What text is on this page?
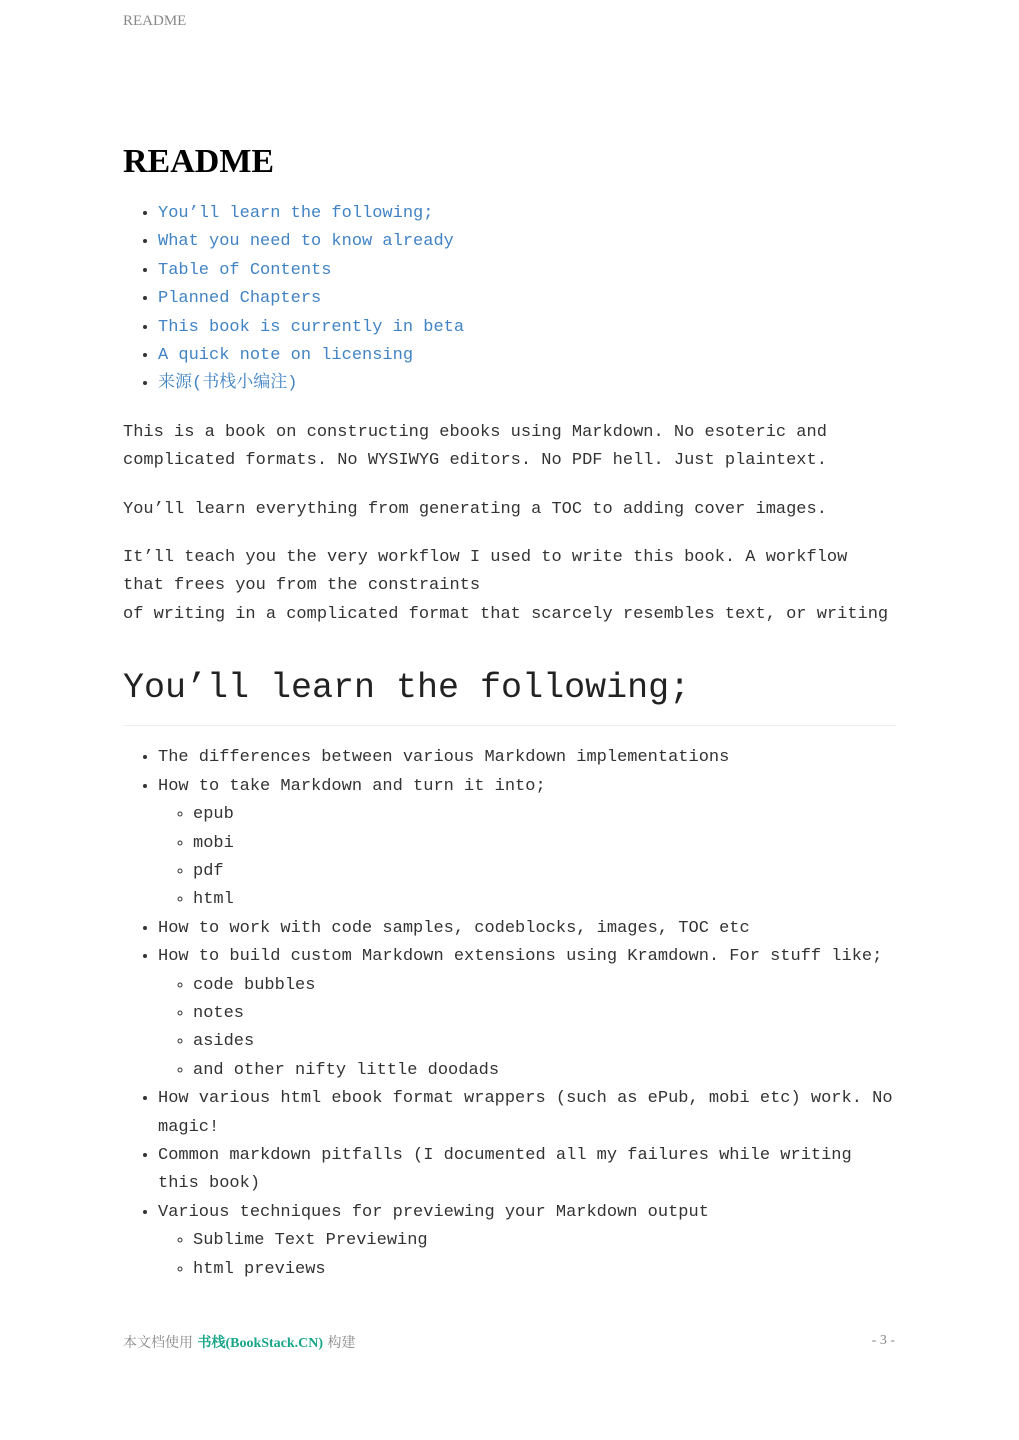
README
README
• You’ll learn the following;
• What you need to know already
• Table of Contents
• Planned Chapters
• This book is currently in beta
• A quick note on licensing
• 来源(书栈小编注)

This is a book on constructing ebooks using Markdown. No esoteric and complicated formats. No WYSIWYG editors. No PDF hell. Just plaintext.

You’ll learn everything from generating a TOC to adding cover images.

It’ll teach you the very workflow I used to write this book. A workflow that frees you from the constraints
of writing in a complicated format that scarcely resembles text, or writing

You’ll learn the following;
• The differences between various Markdown implementations
• How to take Markdown and turn it into;
◦ epub
◦ mobi
◦ pdf
◦ html
• How to work with code samples, codeblocks, images, TOC etc
• How to build custom Markdown extensions using Kramdown. For stuff like;
◦ code bubbles
◦ notes
◦ asides
◦ and other nifty little doodads
• How various html ebook format wrappers (such as ePub, mobi etc) work. No magic!
• Common markdown pitfalls (I documented all my failures while writing this book)
• Various techniques for previewing your Markdown output
◦ Sublime Text Previewing
◦ html previews
本文档使用 书栈(BookStack.CN) 构建	- 3 -
